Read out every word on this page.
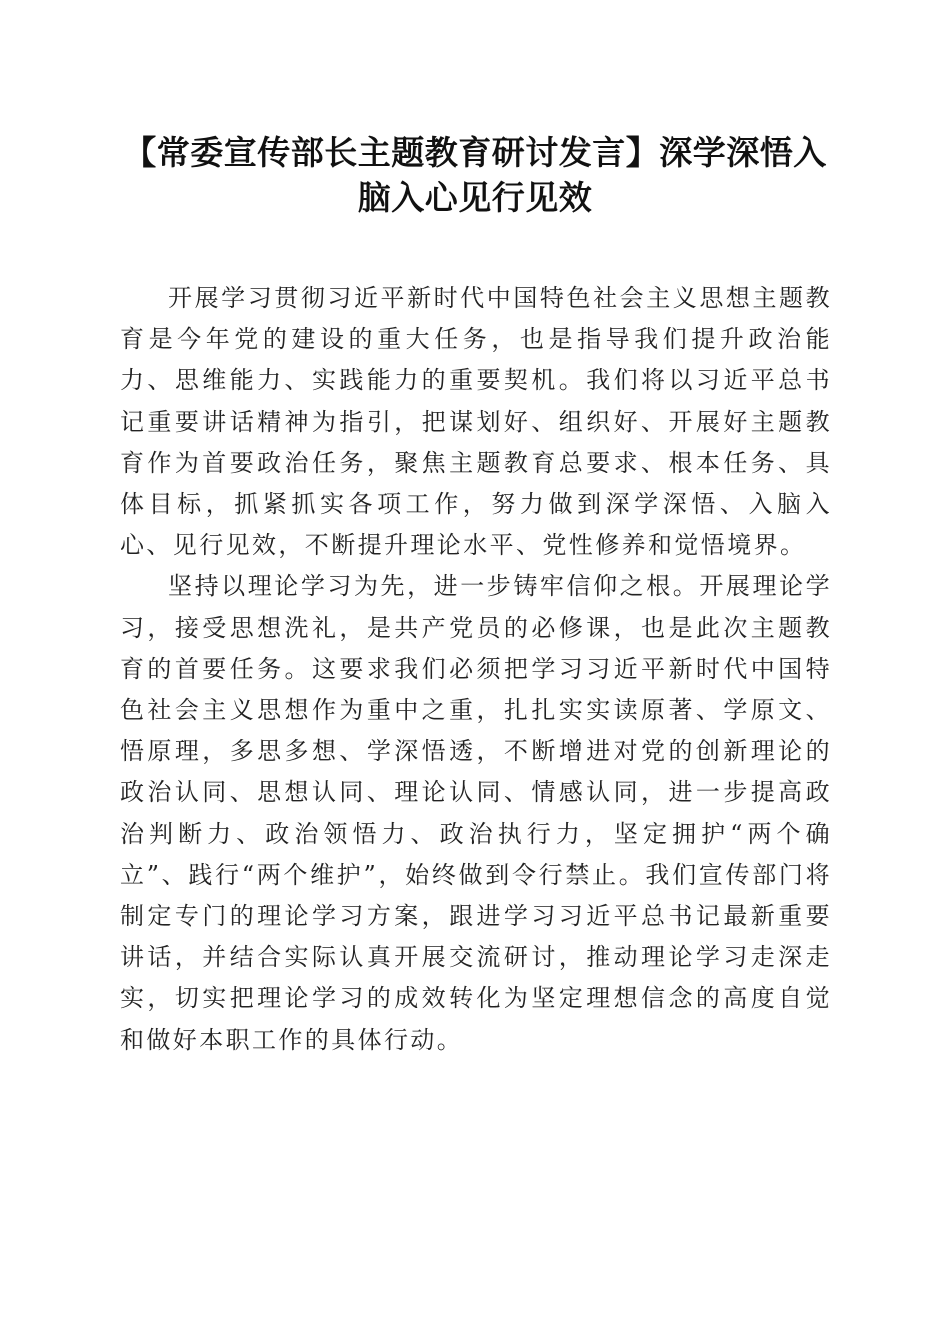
【常委宣传部长主题教育研讨发言】深学深悟入脑入心见行见效

开展学习贯彻习近平新时代中国特色社会主义思想主题教育是今年党的建设的重大任务，也是指导我们提升政治能力、思维能力、实践能力的重要契机。我们将以习近平总书记重要讲话精神为指引，把谋划好、组织好、开展好主题教育作为首要政治任务，聚焦主题教育总要求、根本任务、具体目标，抓紧抓实各项工作，努力做到深学深悟、入脑入心、见行见效，不断提升理论水平、党性修养和觉悟境界。

坚持以理论学习为先，进一步铸牢信仰之根。开展理论学习，接受思想洗礼，是共产党员的必修课，也是此次主题教育的首要任务。这要求我们必须把学习习近平新时代中国特色社会主义思想作为重中之重，扎扎实实读原著、学原文、悟原理，多思多想、学深悟透，不断增进对党的创新理论的政治认同、思想认同、理论认同、情感认同，进一步提高政治判断力、政治领悟力、政治执行力，坚定拥护“两个确立”、践行“两个维护”，始终做到令行禁止。我们宣传部门将制定专门的理论学习方案，跟进学习习近平总书记最新重要讲话，并结合实际认真开展交流研讨，推动理论学习走深走实，切实把理论学习的成效转化为坚定理想信念的高度自觉和做好本职工作的具体行动。
